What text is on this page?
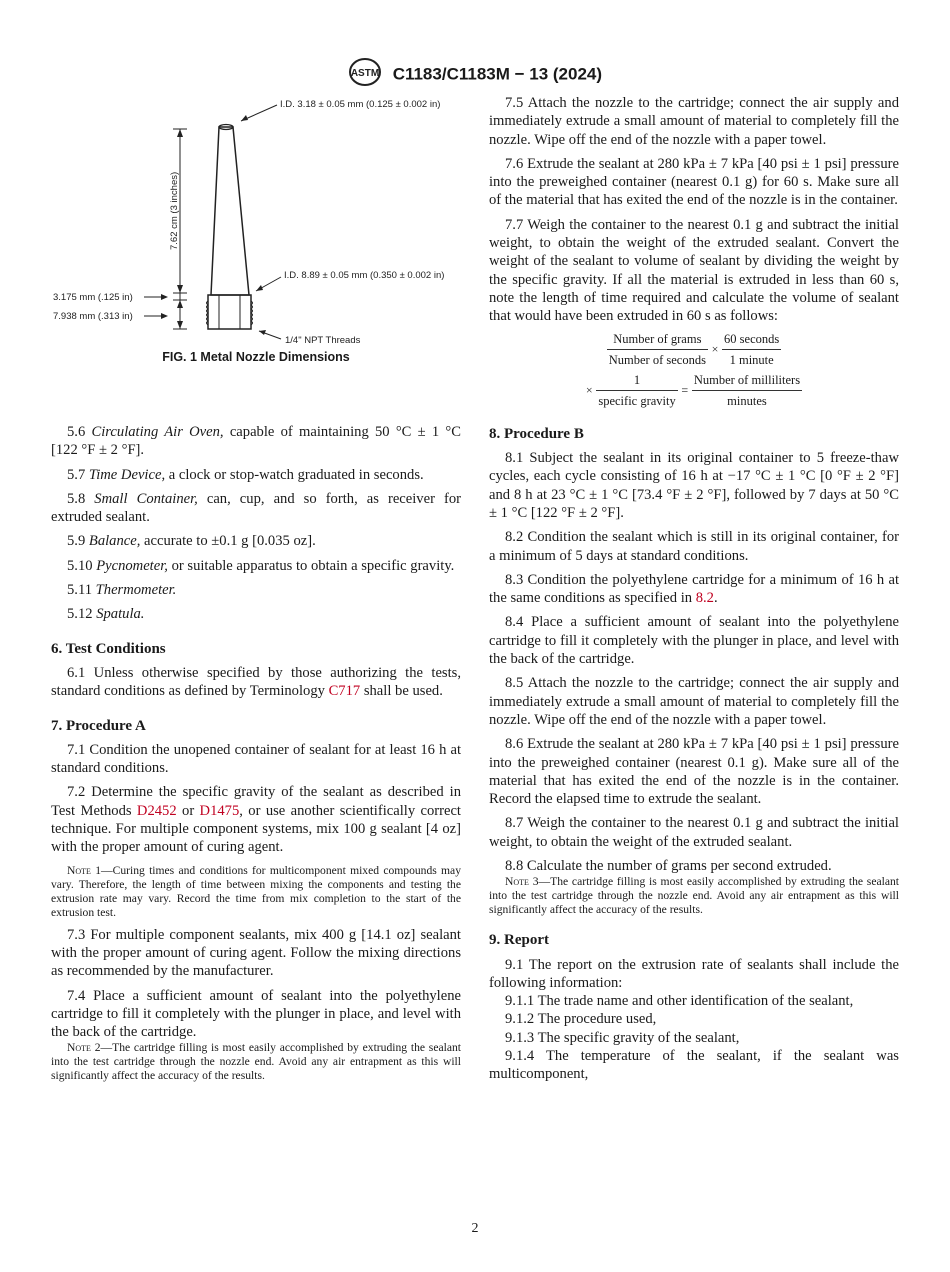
ASTM C1183/C1183M − 13 (2024)
7.62 cm (3 inches)
I.D. 3.18 ± 0.05 mm (0.125 ± 0.002 in)
I.D. 8.89 ± 0.05 mm (0.350 ± 0.002 in)
3.175 mm (.125 in)
7.938 mm (.313 in)
1/4" NPT Threads
FIG. 1 Metal Nozzle Dimensions

5.6 Circulating Air Oven, capable of maintaining 50 °C ± 1 °C [122 °F ± 2 °F].

5.7 Time Device, a clock or stop-watch graduated in seconds.

5.8 Small Container, can, cup, and so forth, as receiver for extruded sealant.

5.9 Balance, accurate to ±0.1 g [0.035 oz].

5.10 Pycnometer, or suitable apparatus to obtain a specific gravity.

5.11 Thermometer.

5.12 Spatula.

6. Test Conditions

6.1 Unless otherwise specified by those authorizing the tests, standard conditions as defined by Terminology C717 shall be used.

7. Procedure A

7.1 Condition the unopened container of sealant for at least 16 h at standard conditions.

7.2 Determine the specific gravity of the sealant as described in Test Methods D2452 or D1475, or use another scientifically correct technique. For multiple component systems, mix 100 g sealant [4 oz] with the proper amount of curing agent.

Note 1—Curing times and conditions for multicomponent mixed compounds may vary. Therefore, the length of time between mixing the components and testing the extrusion rate may vary. Record the time from mix completion to the start of the extrusion test.

7.3 For multiple component sealants, mix 400 g [14.1 oz] sealant with the proper amount of curing agent. Follow the mixing directions as recommended by the manufacturer.

7.4 Place a sufficient amount of sealant into the polyethylene cartridge to fill it completely with the plunger in place, and level with the back of the cartridge.

Note 2—The cartridge filling is most easily accomplished by extruding the sealant into the test cartridge through the nozzle end. Avoid any air entrapment as this will significantly affect the accuracy of the results.

7.5 Attach the nozzle to the cartridge; connect the air supply and immediately extrude a small amount of material to completely fill the nozzle. Wipe off the end of the nozzle with a paper towel.

7.6 Extrude the sealant at 280 kPa ± 7 kPa [40 psi ± 1 psi] pressure into the preweighed container (nearest 0.1 g) for 60 s. Make sure all of the material that has exited the end of the nozzle is in the container.

7.7 Weigh the container to the nearest 0.1 g and subtract the initial weight, to obtain the weight of the extruded sealant. Convert the weight of the sealant to volume of sealant by dividing the weight by the specific gravity. If all the material is extruded in less than 60 s, note the length of time required and calculate the volume of sealant that would have been extruded in 60 s as follows:

$\frac{\text{Number of grams}}{\text{Number of seconds}} \times \frac{\text{60 seconds}}{\text{1 minute}}$
× $\frac{1}{\text{specific gravity}} = \frac{\text{Number of milliliters}}{\text{minutes}}$

8. Procedure B

8.1 Subject the sealant in its original container to 5 freeze-thaw cycles, each cycle consisting of 16 h at −17 °C ± 1 °C [0 °F ± 2 °F] and 8 h at 23 °C ± 1 °C [73.4 °F ± 2 °F], followed by 7 days at 50 °C ± 1 °C [122 °F ± 2 °F].

8.2 Condition the sealant which is still in its original container, for a minimum of 5 days at standard conditions.

8.3 Condition the polyethylene cartridge for a minimum of 16 h at the same conditions as specified in 8.2.

8.4 Place a sufficient amount of sealant into the polyethylene cartridge to fill it completely with the plunger in place, and level with the back of the cartridge.

8.5 Attach the nozzle to the cartridge; connect the air supply and immediately extrude a small amount of material to completely fill the nozzle. Wipe off the end of the nozzle with a paper towel.

8.6 Extrude the sealant at 280 kPa ± 7 kPa [40 psi ± 1 psi] pressure into the preweighed container (nearest 0.1 g). Make sure all of the material that has exited the end of the nozzle is in the container. Record the elapsed time to extrude the sealant.

8.7 Weigh the container to the nearest 0.1 g and subtract the initial weight, to obtain the weight of the extruded sealant.

8.8 Calculate the number of grams per second extruded.

Note 3—The cartridge filling is most easily accomplished by extruding the sealant into the test cartridge through the nozzle end. Avoid any air entrapment as this will significantly affect the accuracy of the results.

9. Report

9.1 The report on the extrusion rate of sealants shall include the following information:

9.1.1 The trade name and other identification of the sealant,

9.1.2 The procedure used,

9.1.3 The specific gravity of the sealant,

9.1.4 The temperature of the sealant, if the sealant was multicomponent,

2
